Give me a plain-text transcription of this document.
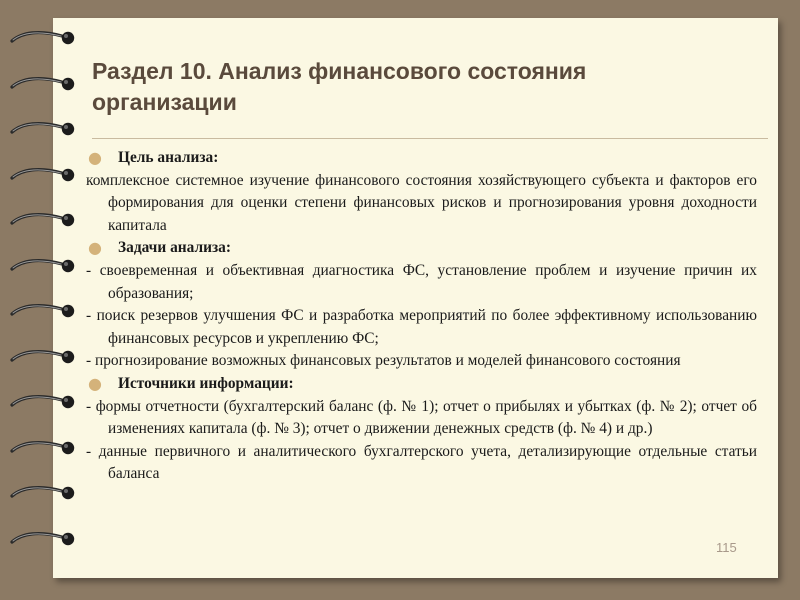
Раздел 10. Анализ финансового состояния
организации

● Цель анализа:

комплексное системное изучение финансового состояния хозяйствующего субъекта и факторов его формирования для оценки степени финансовых рисков и прогнозирования уровня доходности капитала

● Задачи анализа:

- своевременная и объективная диагностика ФС, установление проблем и изучение причин их образования;

- поиск резервов улучшения ФС и разработка мероприятий по более эффективному использованию финансовых ресурсов и укреплению ФС;

- прогнозирование возможных финансовых результатов и моделей финансового состояния

● Источники информации:

- формы отчетности (бухгалтерский баланс (ф. № 1); отчет о прибылях и убытках (ф. № 2); отчет об изменениях капитала (ф. № 3); отчет о движении денежных средств (ф. № 4) и др.)

- данные первичного и аналитического бухгалтерского учета, детализирующие отдельные статьи баланса

115
